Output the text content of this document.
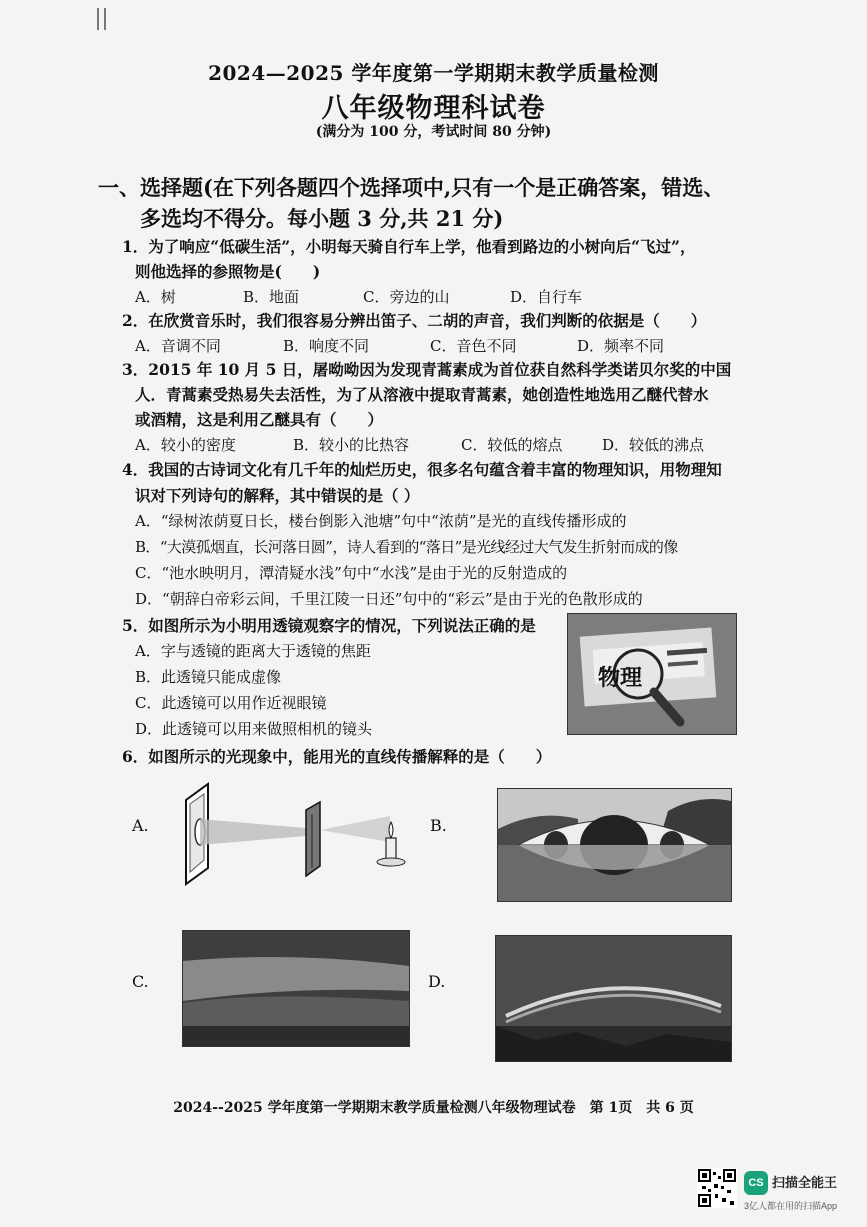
2024—2025 学年度第一学期期末教学质量检测
八年级物理科试卷
(满分为 100 分，考试时间 80 分钟)
一、选择题(在下列各题四个选择项中,只有一个是正确答案，错选、
多选均不得分。每小题 3 分,共 21 分)
1．为了响应“低碳生活”，小明每天骑自行车上学，他看到路边的小树向后“飞过”，
则他选择的参照物是(　　)
A．树	B．地面	C．旁边的山	D．自行车
2．在欣赏音乐时，我们很容易分辨出笛子、二胡的声音，我们判断的依据是（　　）
A．音调不同	B．响度不同	C．音色不同	D．频率不同
3．2015 年 10 月 5 日，屠呦呦因为发现青蒿素成为首位获自然科学类诺贝尔奖的中国
人．青蒿素受热易失去活性，为了从溶液中提取青蒿素，她创造性地选用乙醚代替水
或酒精，这是利用乙醚具有（　　）
A．较小的密度	B．较小的比热容	C．较低的熔点	D．较低的沸点
4．我国的古诗词文化有几千年的灿烂历史，很多名句蕴含着丰富的物理知识，用物理知
识对下列诗句的解释，其中错误的是（ ）
A．“绿树浓荫夏日长，楼台倒影入池塘”句中“浓荫”是光的直线传播形成的
B．“大漠孤烟直，长河落日圆”，诗人看到的“落日”是光线经过大气发生折射而成的像
C．“池水映明月，潭清疑水浅”句中“水浅”是由于光的反射造成的
D．“朝辞白帝彩云间，千里江陵一日还”句中的“彩云”是由于光的色散形成的
5．如图所示为小明用透镜观察字的情况，下列说法正确的是
A．字与透镜的距离大于透镜的焦距
B．此透镜只能成虚像
C．此透镜可以用作近视眼镜
D．此透镜可以用来做照相机的镜头
物理
6．如图所示的光现象中，能用光的直线传播解释的是（　　）
A.	B.
C.	D.
2024--2025 学年度第一学期期末教学质量检测八年级物理试卷　第 1页　共 6 页
CS 扫描全能王
3亿人都在用的扫描App
